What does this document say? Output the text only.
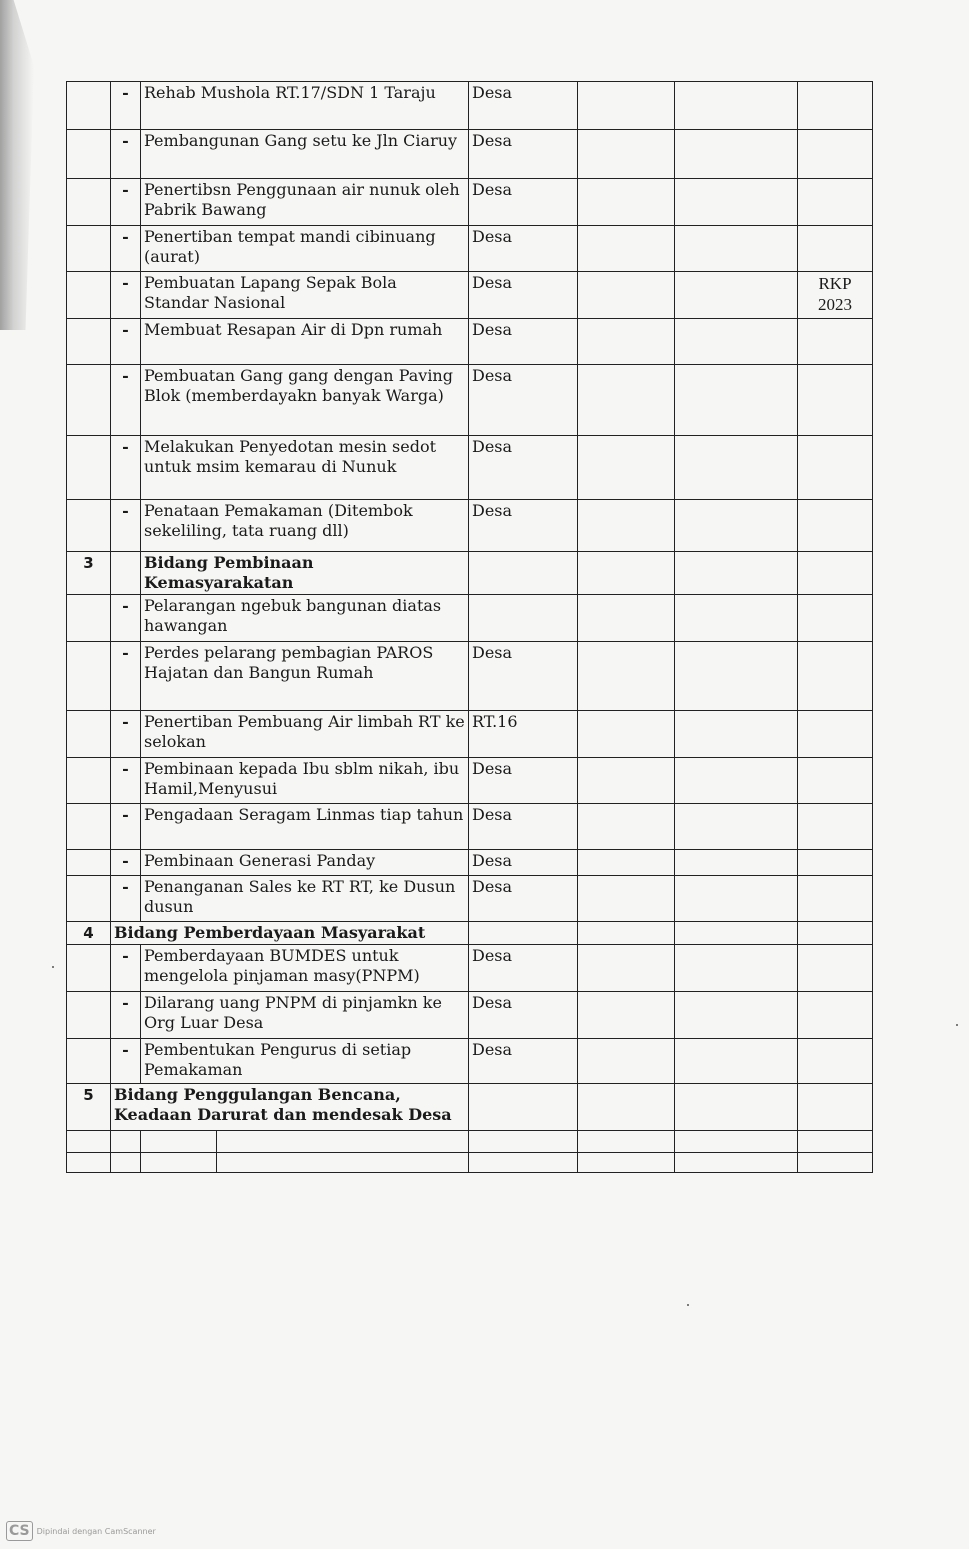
	-	Rehab Mushola RT.17/SDN 1 Taraju		Desa			
	-	Pembangunan Gang setu ke Jln Ciaruy		Desa			
	-	Penertibsn Penggunaan air nunuk oleh Pabrik Bawang		Desa			
	-	Penertiban tempat mandi cibinuang (aurat)		Desa			
	-	Pembuatan Lapang Sepak Bola Standar Nasional		Desa			RKP 2023
	-	Membuat Resapan Air di Dpn rumah		Desa			
	-	Pembuatan Gang gang dengan Paving Blok (memberdayakn banyak Warga)		Desa			
	-	Melakukan Penyedotan mesin sedot untuk msim kemarau di Nunuk		Desa			
	-	Penataan Pemakaman (Ditembok sekeliling, tata ruang dll)		Desa			
3		Bidang Pembinaan Kemasyarakatan					
	-	Pelarangan ngebuk bangunan diatas hawangan					
	-	Perdes pelarang pembagian PAROS Hajatan dan Bangun Rumah		Desa			
	-	Penertiban Pembuang Air limbah RT ke selokan		RT.16			
	-	Pembinaan kepada Ibu sblm nikah, ibu Hamil,Menyusui		Desa			
	-	Pengadaan Seragam Linmas tiap tahun		Desa			
	-	Pembinaan Generasi Panday		Desa			
	-	Penanganan Sales ke RT RT, ke Dusun dusun		Desa			
4	Bidang Pemberdayaan Masyarakat						
	-	Pemberdayaan BUMDES untuk mengelola pinjaman masy(PNPM)		Desa			
	-	Dilarang uang PNPM di pinjamkn ke Org Luar Desa		Desa			
	-	Pembentukan Pengurus di setiap Pemakaman		Desa			
5	Bidang Penggulangan Bencana, Keadaan Darurat dan mendesak Desa						

CS Dipindai dengan CamScanner
